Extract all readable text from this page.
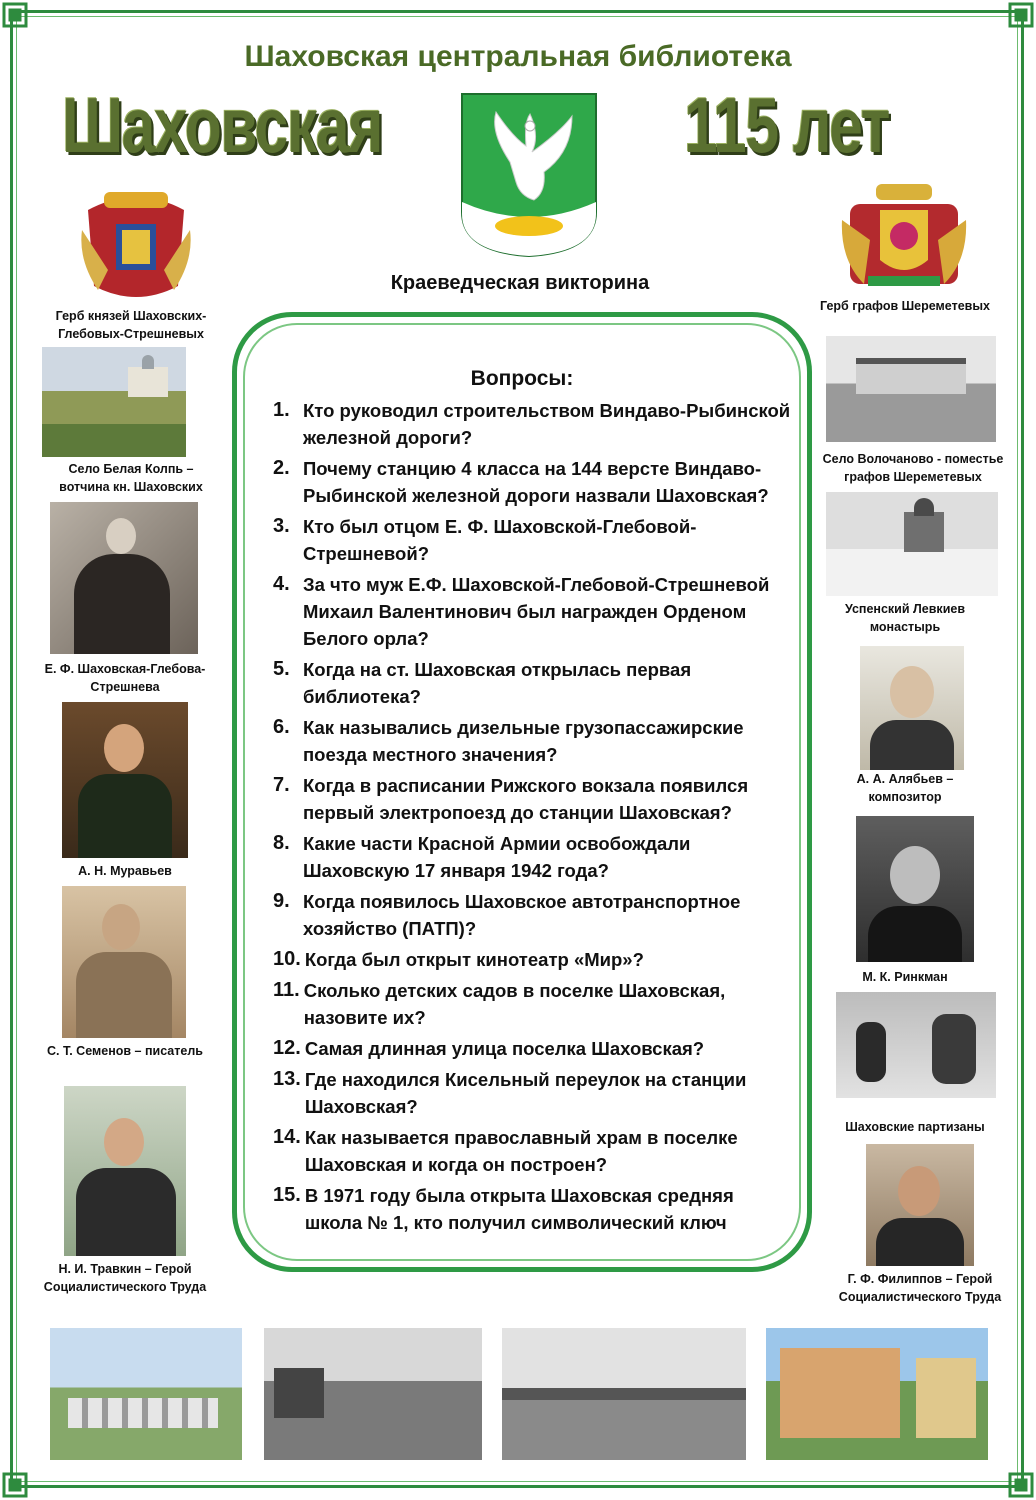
Шаховская центральная библиотека
Шаховская	115 лет
Краеведческая викторина
Герб князей Шаховских-Глебовых-Стрешневых
Село Белая Колпь – вотчина кн. Шаховских
Е. Ф. Шаховская-Глебова-Стрешнева
А. Н. Муравьев
С. Т. Семенов – писатель
Н. И. Травкин – Герой Социалистического Труда
Герб графов Шереметевых
Село Волочаново - поместье графов Шереметевых
Успенский Левкиев монастырь
А. А. Алябьев – композитор
М. К. Ринкман
Шаховские партизаны
Г. Ф. Филиппов – Герой Социалистического Труда
Вопросы:
1. Кто руководил строительством Виндаво-Рыбинской железной дороги?
2. Почему станцию 4 класса на 144 версте Виндаво-Рыбинской железной дороги назвали Шаховская?
3. Кто был отцом Е. Ф. Шаховской-Глебовой-Стрешневой?
4. За что муж Е.Ф. Шаховской-Глебовой-Стрешневой Михаил Валентинович был награжден Орденом Белого орла?
5. Когда на ст. Шаховская открылась первая библиотека?
6. Как назывались дизельные грузопассажирские поезда местного значения?
7. Когда в расписании Рижского вокзала появился первый электропоезд до станции Шаховская?
8. Какие части Красной Армии освобождали Шаховскую 17 января 1942 года?
9. Когда появилось Шаховское автотранспортное хозяйство (ПАТП)?
10. Когда был открыт кинотеатр «Мир»?
11. Сколько детских садов в поселке Шаховская, назовите их?
12. Самая длинная улица поселка Шаховская?
13. Где находился Кисельный переулок на станции Шаховская?
14. Как называется православный храм в поселке Шаховская и когда он построен?
15. В 1971 году была открыта Шаховская средняя школа № 1, кто получил символический ключ
